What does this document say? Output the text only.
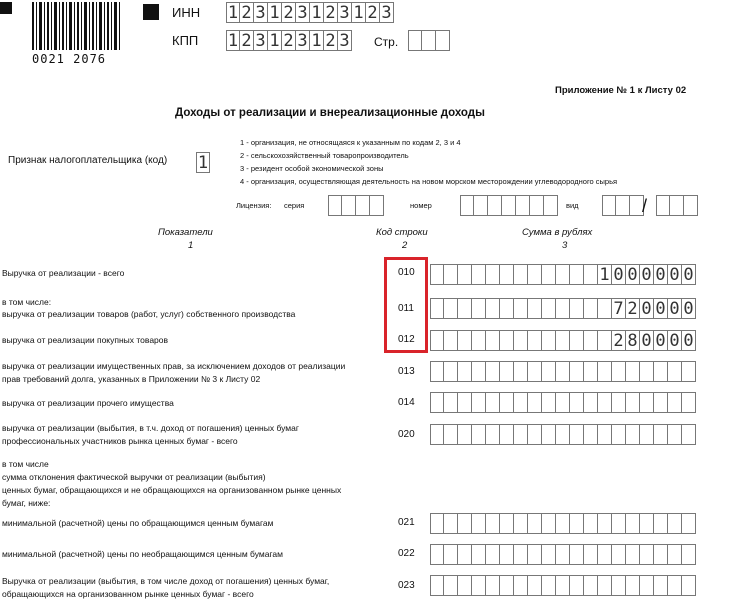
0021 2076
ИНН 1 2 3 1 2 3 1 2 3 1 2 3
КПП 1 2 3 1 2 3 1 2 3 Стр.
Приложение № 1 к Листу 02
Доходы от реализации и внереализационные доходы
Признак налогоплательщика (код) 1
1 - организация, не относящаяся к указанным по кодам 2, 3 и 4
2 - сельскохозяйственный товаропроизводитель
3 - резидент особой экономической зоны
4 - организация, осуществляющая деятельность на новом морском месторождении углеводородного сырья
Лицензия: серия	номер	вид	/
Показатели
1
Код строки
2
Сумма в рублях
3
Выручка от реализации - всего	010	1 0 0 0 0 0 0
в том числе:
выручка от реализации товаров (работ, услуг) собственного производства	011	7 2 0 0 0 0
выручка от реализации покупных товаров	012	2 8 0 0 0 0
выручка от реализации имущественных прав, за исключением доходов от реализации
прав требований долга, указанных в Приложении № 3 к Листу 02
013
выручка от реализации прочего имущества	014
выручка от реализации (выбытия, в т.ч. доход от погашения) ценных бумаг
профессиональных участников рынка ценных бумаг - всего
020
в том числе
сумма отклонения фактической выручки от реализации (выбытия)
ценных бумаг, обращающихся и не обращающихся на организованном рынке ценных
бумаг, ниже:
минимальной (расчетной) цены по обращающимся ценным бумагам	021
минимальной (расчетной) цены по необращающимся ценным бумагам	022
Выручка от реализации (выбытия, в том числе доход от погашения) ценных бумаг,
обращающихся на организованном рынке ценных бумаг - всего
023
